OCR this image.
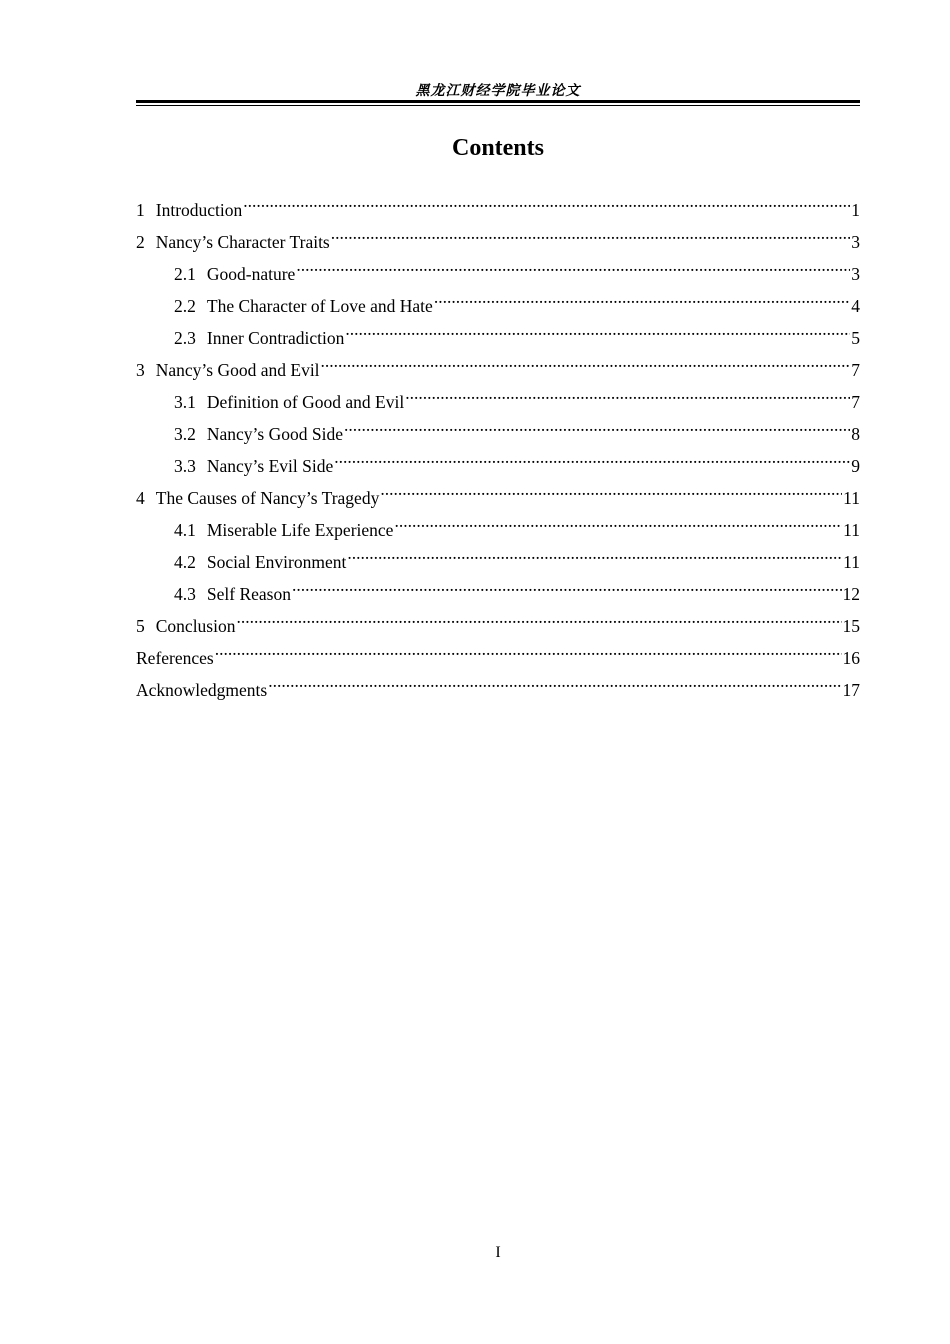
黑龙江财经学院毕业论文
Contents
1 Introduction .....	1
2 Nancy’s Character Traits .....	3
2.1 Good-nature .....	3
2.2 The Character of Love and Hate .....	4
2.3 Inner Contradiction .....	5
3 Nancy’s Good and Evil .....	7
3.1 Definition of Good and Evil .....	7
3.2 Nancy’s Good Side .....	8
3.3 Nancy’s Evil Side .....	9
4 The Causes of Nancy’s Tragedy .....	11
4.1 Miserable Life Experience .....	11
4.2 Social Environment .....	11
4.3 Self Reason .....	12
5 Conclusion .....	15
References .....	16
Acknowledgments .....	17
I
